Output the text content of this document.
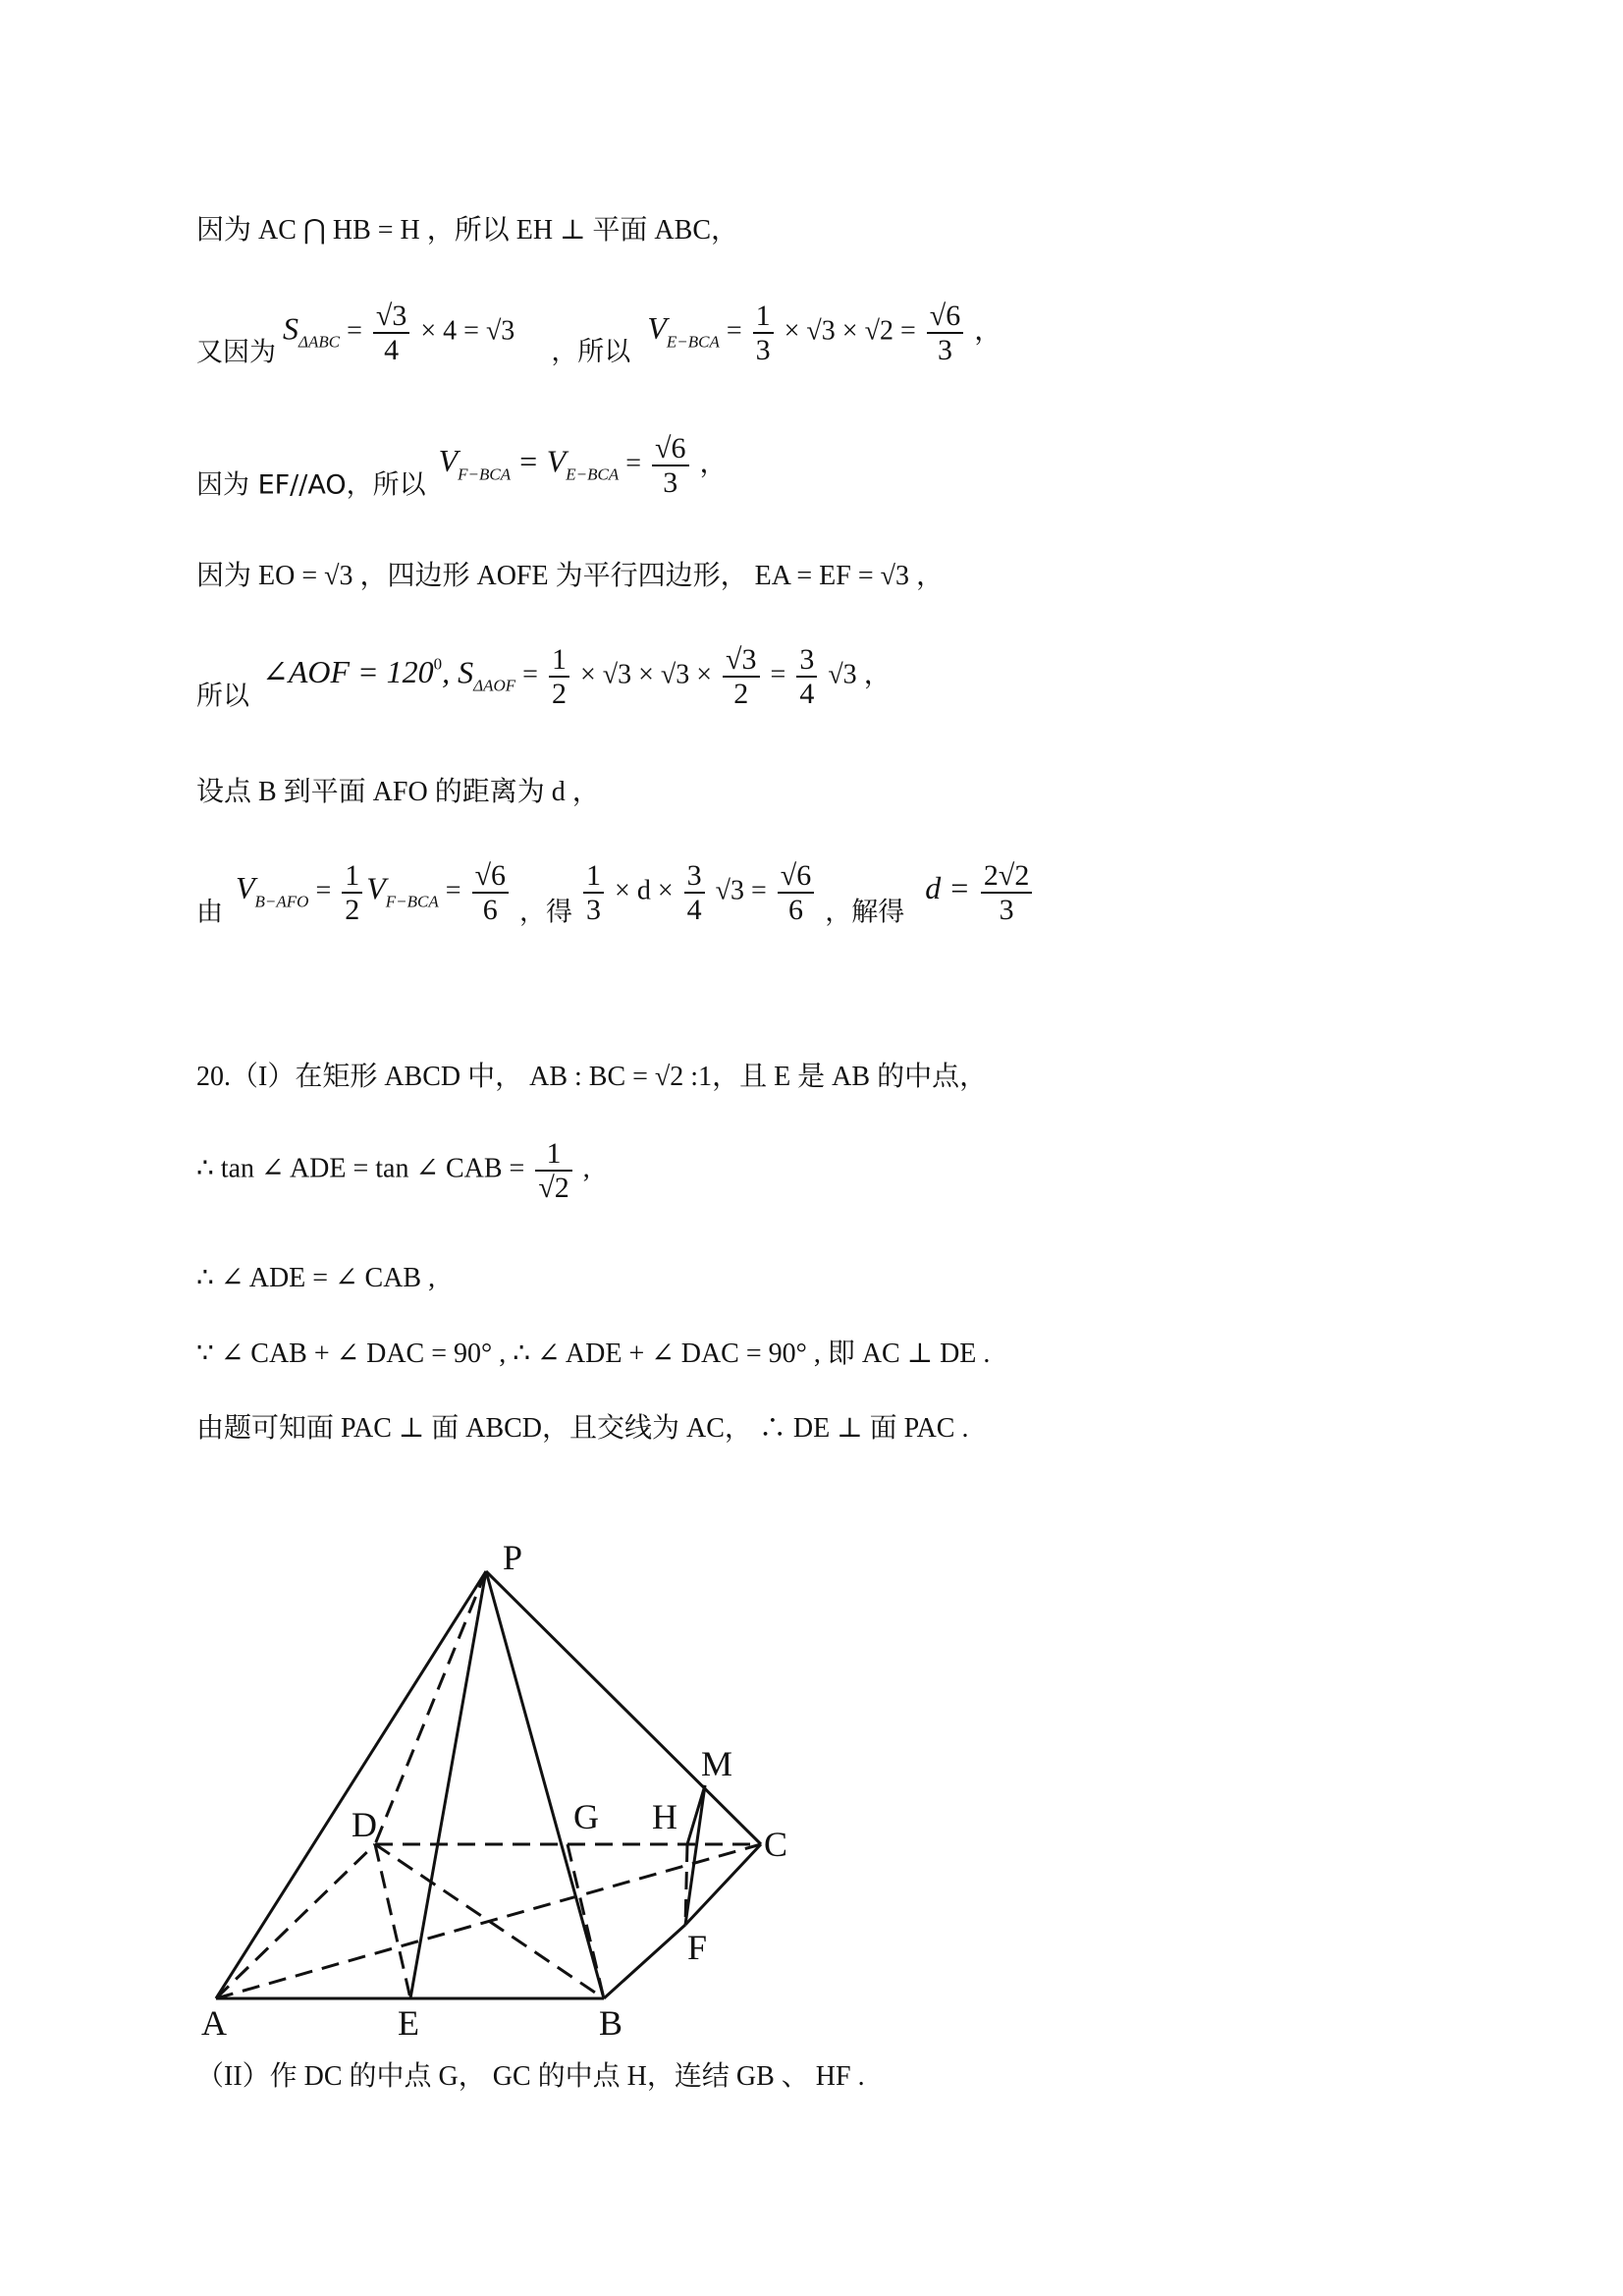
因为 AC ⋂ HB = H ，所以 EH ⊥ 平面 ABC，
又因为 $S_{\Delta ABC} = \frac{√3}{4} \times 4 = √3$ ，所以 $V_{E-BCA} = \frac{1}{3} \times √3 \times √2 = \frac{√6}{3}$ ，
因为 EF//AO，所以 $V_{F-BCA} = V_{E-BCA} = \frac{√6}{3}$ ，
因为 EO = √3 ，四边形 AOFE 为平行四边形， EA = EF = √3 ，
所以 ∠AOF = $120^0$, $S_{\Delta AOF} = \frac{1}{2} \times √3 \times √3 \times \frac{√3}{2} = \frac{3}{4} √3$ ，
设点 B 到平面 AFO 的距离为 d ，
由 $V_{B-AFO} = \frac{1}{2} V_{F-BCA} = \frac{√6}{6}$ ，得 $\frac{1}{3} \times d \times \frac{3}{4} √3 = \frac{√6}{6}$ ，解得 $d = \frac{2√2}{3}$
20.（I）在矩形 ABCD 中， AB : BC = √2 :1，且 E 是 AB 的中点，
∴ tan ∠ ADE = tan ∠ CAB = $\frac{1}{√2}$ ,
∴ ∠ ADE = ∠ CAB ,
∵ ∠ CAB + ∠ DAC = 90° , ∴ ∠ ADE + ∠ DAC = 90° , 即 AC ⊥ DE .
由题可知面 PAC ⊥ 面 ABCD，且交线为 AC， ∴ DE ⊥ 面 PAC .
P
M
D	G H
C
F
A	E	B
（II）作 DC 的中点 G， GC 的中点 H，连结 GB 、 HF .
